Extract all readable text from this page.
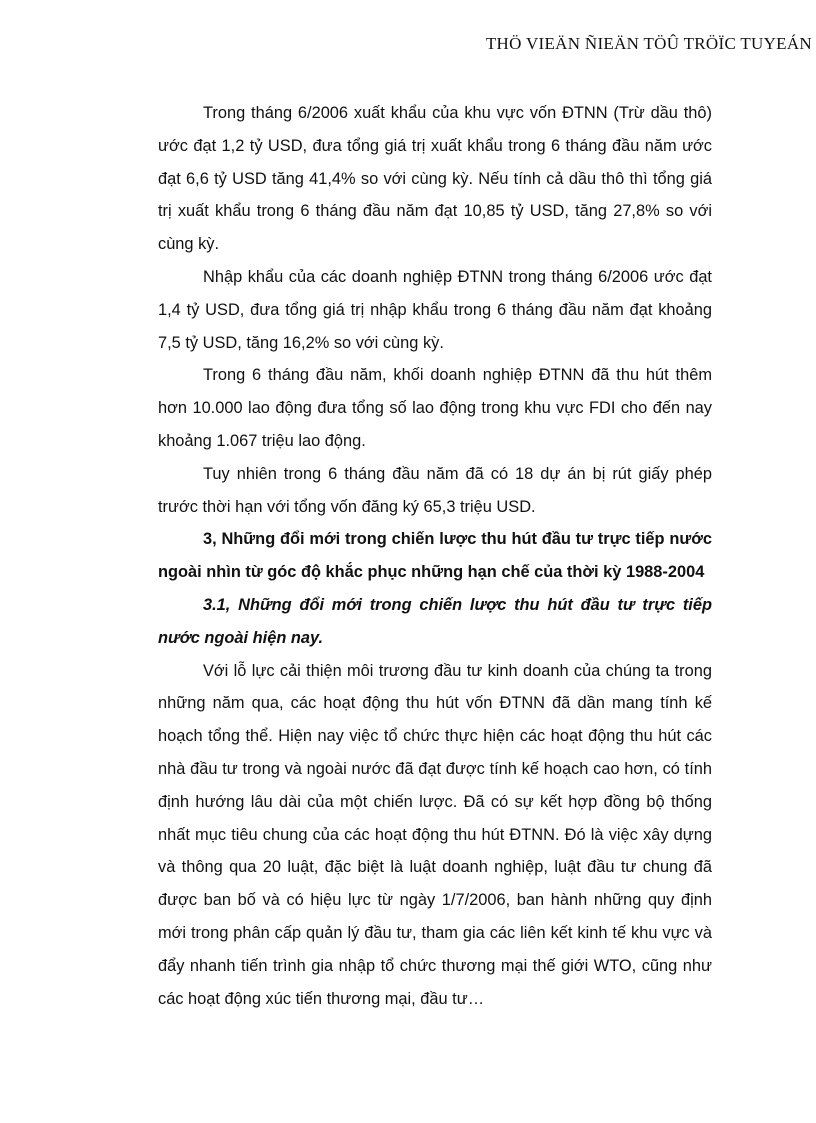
THÖ VIEÄN ÑIEÄN TÖÛ TRÖÏC TUYEÁN

Trong tháng 6/2006 xuất khẩu của khu vực vốn ĐTNN (Trừ dầu thô) ước đạt 1,2 tỷ USD, đưa tổng giá trị xuất khẩu trong 6 tháng đầu năm ước đạt 6,6 tỷ USD tăng 41,4% so với cùng kỳ. Nếu tính cả dầu thô thì tổng giá trị xuất khẩu trong 6 tháng đầu năm đạt 10,85 tỷ USD, tăng 27,8% so với cùng kỳ.

Nhập khẩu của các doanh nghiệp ĐTNN trong tháng 6/2006 ước đạt 1,4 tỷ USD, đưa tổng giá trị nhập khẩu trong 6 tháng đầu năm đạt khoảng 7,5 tỷ USD, tăng 16,2% so với cùng kỳ.

Trong 6 tháng đầu năm, khối doanh nghiệp ĐTNN đã thu hút thêm hơn 10.000 lao động đưa tổng số lao động trong khu vực FDI cho đến nay khoảng 1.067 triệu lao động.

Tuy nhiên trong 6 tháng đầu năm đã có 18 dự án bị rút giấy phép trước thời hạn với tổng vốn đăng ký 65,3 triệu USD.

3, Những đổi mới trong chiến lược thu hút đầu tư trực tiếp nước ngoài nhìn từ góc độ khắc phục những hạn chế của thời kỳ 1988-2004

3.1, Những đổi mới trong chiến lược thu hút đầu tư trực tiếp nước ngoài hiện nay.

Với lỗ lực cải thiện môi trương đầu tư kinh doanh của chúng ta trong những năm qua, các hoạt động thu hút vốn ĐTNN đã dần mang tính kế hoạch tổng thể. Hiện nay việc tổ chức thực hiện các hoạt động thu hút các nhà đầu tư trong và ngoài nước đã đạt được tính kế hoạch cao hơn, có tính định hướng lâu dài của một chiến lược. Đã có sự kết hợp đồng bộ thống nhất mục tiêu chung của các hoạt động thu hút ĐTNN. Đó là việc xây dựng và thông qua 20 luật, đặc biệt là luật doanh nghiệp, luật đầu tư chung đã được ban bố và có hiệu lực từ ngày 1/7/2006, ban hành những quy định mới trong phân cấp quản lý đầu tư, tham gia các liên kết kinh tế khu vực và đẩy nhanh tiến trình gia nhập tổ chức thương mại thế giới WTO, cũng như các hoạt động xúc tiến thương mại, đầu tư…
